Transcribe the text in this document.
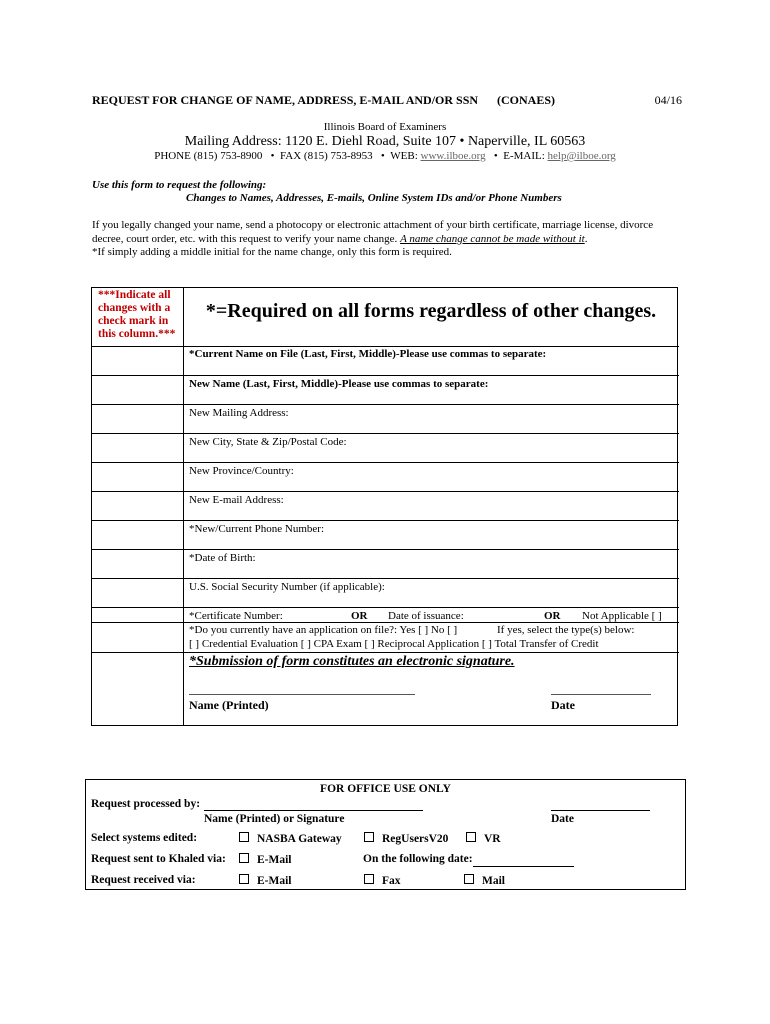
REQUEST FOR CHANGE OF NAME, ADDRESS, E-MAIL AND/OR SSN (CONAES)	04/16
Illinois Board of Examiners
Mailing Address: 1120 E. Diehl Road, Suite 107 • Naperville, IL 60563
PHONE (815) 753-8900   •  FAX (815) 753-8953   •  WEB: www.ilboe.org   •  E-MAIL: help@ilboe.org
Use this form to request the following:
Changes to Names, Addresses, E-mails, Online System IDs and/or Phone Numbers
If you legally changed your name, send a photocopy or electronic attachment of your birth certificate, marriage license, divorce decree, court order, etc. with this request to verify your name change. A name change cannot be made without it.
*If simply adding a middle initial for the name change, only this form is required.
***Indicate all changes with a check mark in this column.***
*=Required on all forms regardless of other changes.
*Current Name on File (Last, First, Middle)-Please use commas to separate:
New Name (Last, First, Middle)-Please use commas to separate:
New Mailing Address:
New City, State & Zip/Postal Code:
New Province/Country:
New E-mail Address:
*New/Current Phone Number:
*Date of Birth:
U.S. Social Security Number (if applicable):
*Certificate Number:	OR Date of issuance:	OR Not Applicable [ ]
*Do you currently have an application on file?: Yes [ ] No [ ]	If yes, select the type(s) below:
[ ] Credential Evaluation [ ] CPA Exam [ ] Reciprocal Application [ ] Total Transfer of Credit
*Submission of form constitutes an electronic signature.
Name (Printed)	Date
FOR OFFICE USE ONLY
Request processed by:
Name (Printed) or Signature	Date
Select systems edited:	NASBA Gateway	RegUsersV20	VR
Request sent to Khaled via:	E-Mail	On the following date:
Request received via:	E-Mail	Fax	Mail
